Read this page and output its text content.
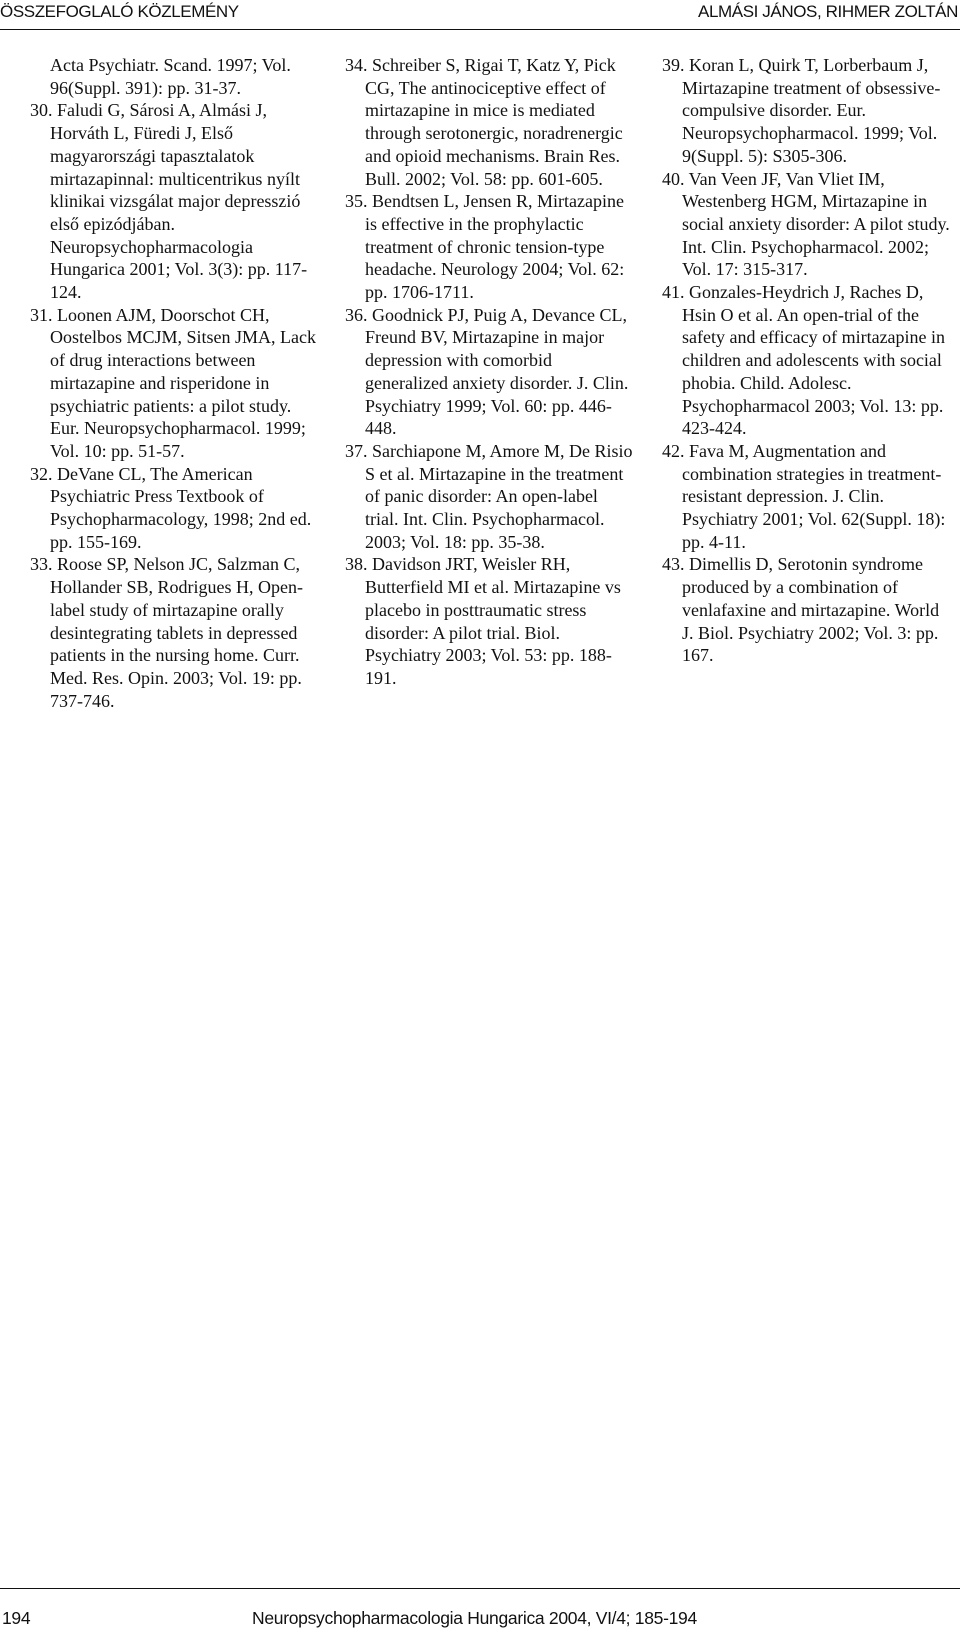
ÖSSZEFOGLALÓ KÖZLEMÉNY	ALMÁSI JÁNOS, RIHMER ZOLTÁN

Acta Psychiatr. Scand. 1997; Vol. 96(Suppl. 391): pp. 31-37.

30. Faludi G, Sárosi A, Almási J, Horváth L, Füredi J, Első magyarországi tapasztalatok mirtazapinnal: multicentrikus nyílt klinikai vizsgálat major depresszió első epizódjában. Neuropsychopharmacologia Hungarica 2001; Vol. 3(3): pp. 117-124.

31. Loonen AJM, Doorschot CH, Oostelbos MCJM, Sitsen JMA, Lack of drug interactions between mirtazapine and risperidone in psychiatric patients: a pilot study. Eur. Neuropsychopharmacol. 1999; Vol. 10: pp. 51-57.

32. DeVane CL, The American Psychiatric Press Textbook of Psychopharmacology, 1998; 2nd ed. pp. 155-169.

33. Roose SP, Nelson JC, Salzman C, Hollander SB, Rodrigues H, Open-label study of mirtazapine orally desintegrating tablets in depressed patients in the nursing home. Curr. Med. Res. Opin. 2003; Vol. 19: pp. 737-746.

34. Schreiber S, Rigai T, Katz Y, Pick CG, The antinociceptive effect of mirtazapine in mice is mediated through serotonergic, noradrenergic and opioid mechanisms. Brain Res. Bull. 2002; Vol. 58: pp. 601-605.

35. Bendtsen L, Jensen R, Mirtazapine is effective in the prophylactic treatment of chronic tension-type headache. Neurology 2004; Vol. 62: pp. 1706-1711.

36. Goodnick PJ, Puig A, Devance CL, Freund BV, Mirtazapine in major depression with comorbid generalized anxiety disorder. J. Clin. Psychiatry 1999; Vol. 60: pp. 446-448.

37. Sarchiapone M, Amore M, De Risio S et al. Mirtazapine in the treatment of panic disorder: An open-label trial. Int. Clin. Psychopharmacol. 2003; Vol. 18: pp. 35-38.

38. Davidson JRT, Weisler RH, Butterfield MI et al. Mirtazapine vs placebo in posttraumatic stress disorder: A pilot trial. Biol. Psychiatry 2003; Vol. 53: pp. 188-191.

39. Koran L, Quirk T, Lorberbaum J, Mirtazapine treatment of obsessive-compulsive disorder. Eur. Neuropsychopharmacol. 1999; Vol. 9(Suppl. 5): S305-306.

40. Van Veen JF, Van Vliet IM, Westenberg HGM, Mirtazapine in social anxiety disorder: A pilot study. Int. Clin. Psychopharmacol. 2002; Vol. 17: 315-317.

41. Gonzales-Heydrich J, Raches D, Hsin O et al. An open-trial of the safety and efficacy of mirtazapine in children and adolescents with social phobia. Child. Adolesc. Psychopharmacol 2003; Vol. 13: pp. 423-424.

42. Fava M, Augmentation and combination strategies in treatment-resistant depression. J. Clin. Psychiatry 2001; Vol. 62(Suppl. 18): pp. 4-11.

43. Dimellis D, Serotonin syndrome produced by a combination of venlafaxine and mirtazapine. World J. Biol. Psychiatry 2002; Vol. 3: pp. 167.

194	Neuropsychopharmacologia Hungarica 2004, VI/4; 185-194
